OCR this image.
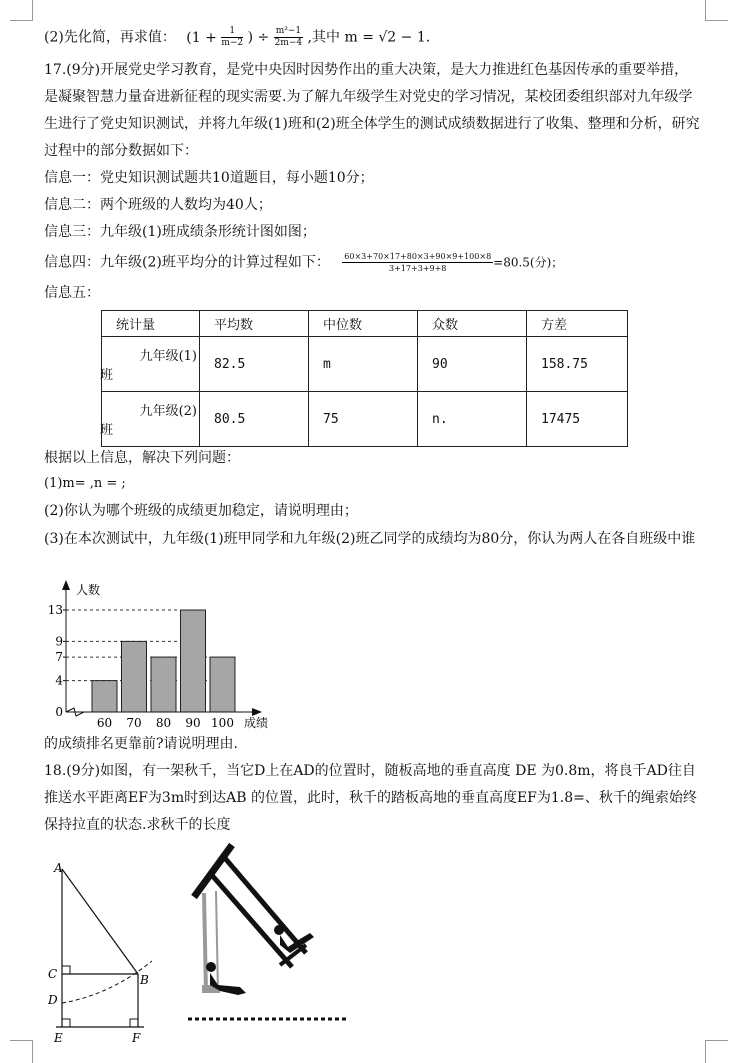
(2)先化简，再求值： ($1 + \frac{1}{m-2}$ ) ÷ $\frac{\text{m²−1}}{2m-4}$ ,其中 m = √2 − 1.
17.(9分)开展党史学习教育，是党中央因时因势作出的重大决策，是大力推进红色基因传承的重要举措，
是凝聚智慧力量奋进新征程的现实需要.为了解九年级学生对党史的学习情况，某校团委组织部对九年级学
生进行了党史知识测试，并将九年级(1)班和(2)班全体学生的测试成绩数据进行了收集、整理和分析，研究
过程中的部分数据如下：
信息一：党史知识测试题共10道题目，每小题10分；
信息二：两个班级的人数均为40人；
信息三：九年级(1)班成绩条形统计图如图；
信息四：九年级(2)班平均分的计算过程如下： $\frac{60\times 3+70\times 17+80\times 3+90\times 9+100\times 8}{3+17+3+9+8} =80.5$(分)；
信息五：
统计量	平均数	中位数	众数	方差

九年级(1)
班	82.5	m	90	158.75

九年级(2)
班	80.5	75	n.	17475
根据以上信息，解决下列问题：
(1)m= ,n = ;
(2)你认为哪个班级的成绩更加稳定，请说明理由；
(3)在本次测试中，九年级(1)班甲同学和九年级(2)班乙同学的成绩均为80分，你认为两人在各自班级中谁
0
4
7
9
13
60 70 80 90 100
人数
成绩
的成绩排名更靠前?请说明理由.
18.(9分)如图，有一架秋千，当它D上在AD的位置时，随板高地的垂直高度 DE 为0.8m，将良千AD往自
推送水平距离EF为3m时到达AB 的位置，此时，秋千的踏板高地的垂直高度EF为1.8=、秋千的绳索始终
保持拉直的状态.求秋千的长度
A
C	B
D
E	F
